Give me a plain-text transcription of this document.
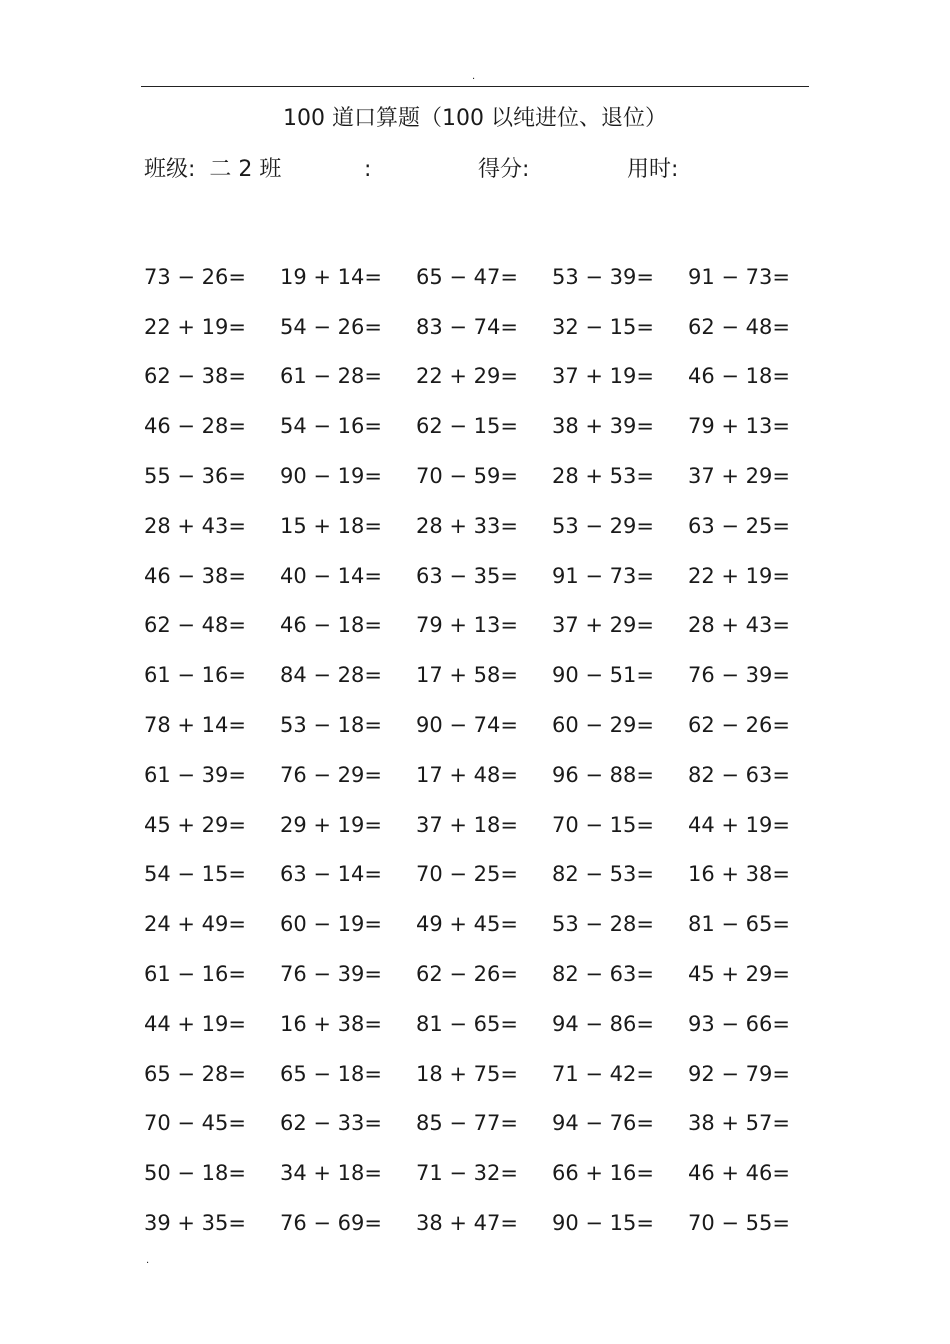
.
100 道口算题（100 以纯进位、退位）
班级:  二 2 班	:	得分:	用时:
73 − 26=	19 + 14=	65 − 47=	53 − 39=	91 − 73=
22 + 19=	54 − 26=	83 − 74=	32 − 15=	62 − 48=
62 − 38=	61 − 28=	22 + 29=	37 + 19=	46 − 18=
46 − 28=	54 − 16=	62 − 15=	38 + 39=	79 + 13=
55 − 36=	90 − 19=	70 − 59=	28 + 53=	37 + 29=
28 + 43=	15 + 18=	28 + 33=	53 − 29=	63 − 25=
46 − 38=	40 − 14=	63 − 35=	91 − 73=	22 + 19=
62 − 48=	46 − 18=	79 + 13=	37 + 29=	28 + 43=
61 − 16=	84 − 28=	17 + 58=	90 − 51=	76 − 39=
78 + 14=	53 − 18=	90 − 74=	60 − 29=	62 − 26=
61 − 39=	76 − 29=	17 + 48=	96 − 88=	82 − 63=
45 + 29=	29 + 19=	37 + 18=	70 − 15=	44 + 19=
54 − 15=	63 − 14=	70 − 25=	82 − 53=	16 + 38=
24 + 49=	60 − 19=	49 + 45=	53 − 28=	81 − 65=
61 − 16=	76 − 39=	62 − 26=	82 − 63=	45 + 29=
44 + 19=	16 + 38=	81 − 65=	94 − 86=	93 − 66=
65 − 28=	65 − 18=	18 + 75=	71 − 42=	92 − 79=
70 − 45=	62 − 33=	85 − 77=	94 − 76=	38 + 57=
50 − 18=	34 + 18=	71 − 32=	66 + 16=	46 + 46=
39 + 35=	76 − 69=	38 + 47=	90 − 15=	70 − 55=
.
